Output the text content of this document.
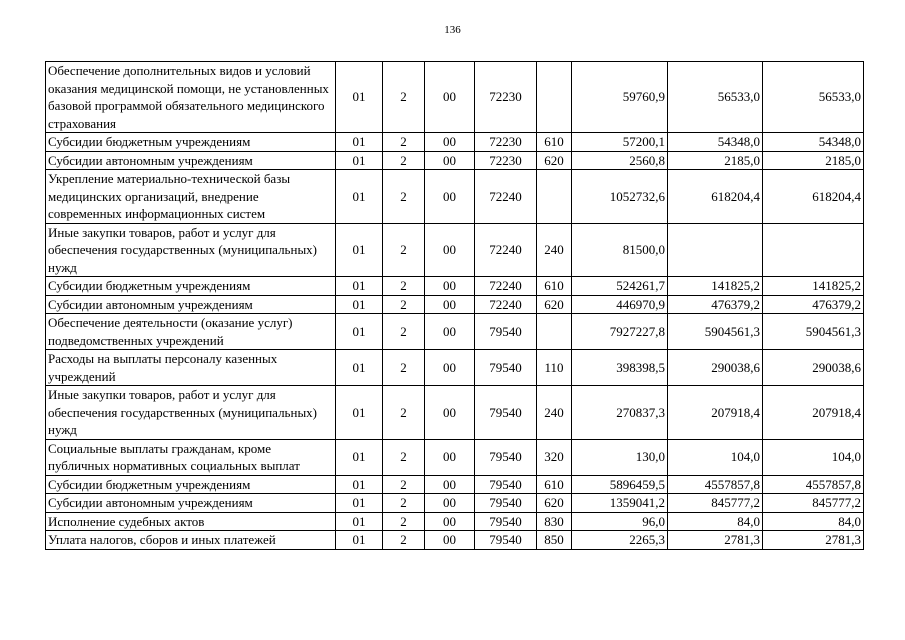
136
Обеспечение дополнительных видов и условий оказания медицинской помощи, не установленных базовой программой обязательного медицинского страхования	01	2	00	72230		59760,9	56533,0	56533,0
Субсидии бюджетным учреждениям	01	2	00	72230	610	57200,1	54348,0	54348,0
Субсидии автономным учреждениям	01	2	00	72230	620	2560,8	2185,0	2185,0
Укрепление материально-технической базы медицинских организаций, внедрение современных информационных систем	01	2	00	72240		1052732,6	618204,4	618204,4
Иные закупки товаров, работ и услуг для обеспечения государственных (муниципальных) нужд	01	2	00	72240	240	81500,0		
Субсидии бюджетным учреждениям	01	2	00	72240	610	524261,7	141825,2	141825,2
Субсидии автономным учреждениям	01	2	00	72240	620	446970,9	476379,2	476379,2
Обеспечение деятельности (оказание услуг) подведомственных учреждений	01	2	00	79540		7927227,8	5904561,3	5904561,3
Расходы на выплаты персоналу казенных учреждений	01	2	00	79540	110	398398,5	290038,6	290038,6
Иные закупки товаров, работ и услуг для обеспечения государственных (муниципальных) нужд	01	2	00	79540	240	270837,3	207918,4	207918,4
Социальные выплаты гражданам, кроме публичных нормативных социальных выплат	01	2	00	79540	320	130,0	104,0	104,0
Субсидии бюджетным учреждениям	01	2	00	79540	610	5896459,5	4557857,8	4557857,8
Субсидии автономным учреждениям	01	2	00	79540	620	1359041,2	845777,2	845777,2
Исполнение судебных актов	01	2	00	79540	830	96,0	84,0	84,0
Уплата налогов, сборов и иных платежей	01	2	00	79540	850	2265,3	2781,3	2781,3
